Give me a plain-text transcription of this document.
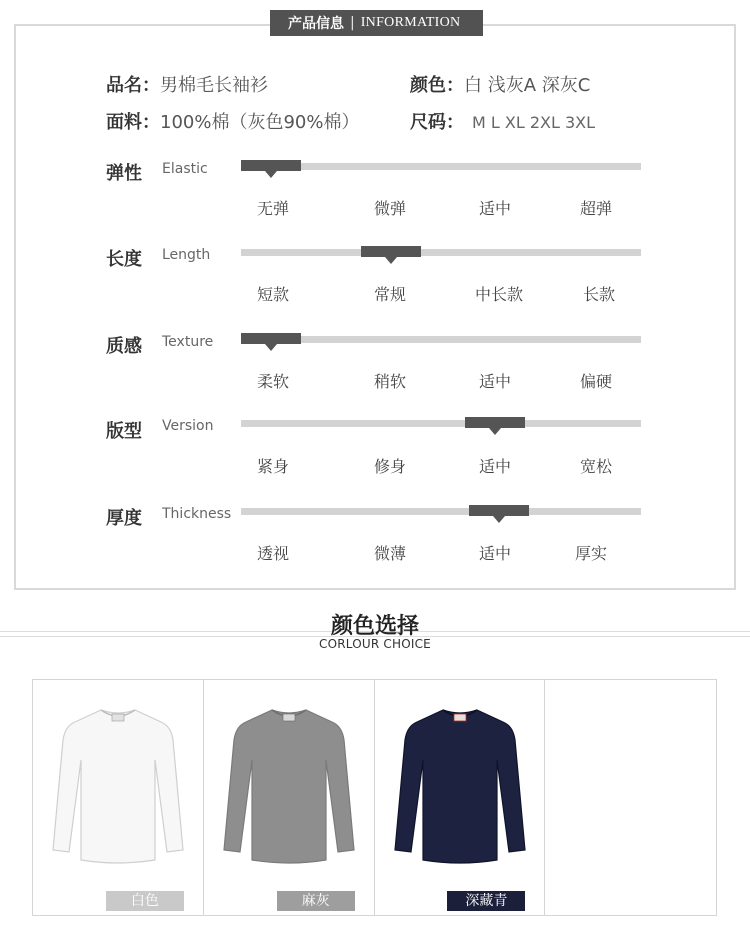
产品信息 | INFORMATION
品名：男棉毛长袖衫	颜色：白 浅灰A 深灰C
面料：100%棉（灰色90%棉）	尺码： M L XL 2XL 3XL
弹性 Elastic
无弹	微弹	适中	超弹
长度 Length
短款	常规	中长款	长款
质感 Texture
柔软	稍软	适中	偏硬
版型 Version
紧身	修身	适中	宽松
厚度 Thickness
透视	微薄	适中	厚实
颜色选择
CORLOUR CHOICE
白色	麻灰	深藏青
